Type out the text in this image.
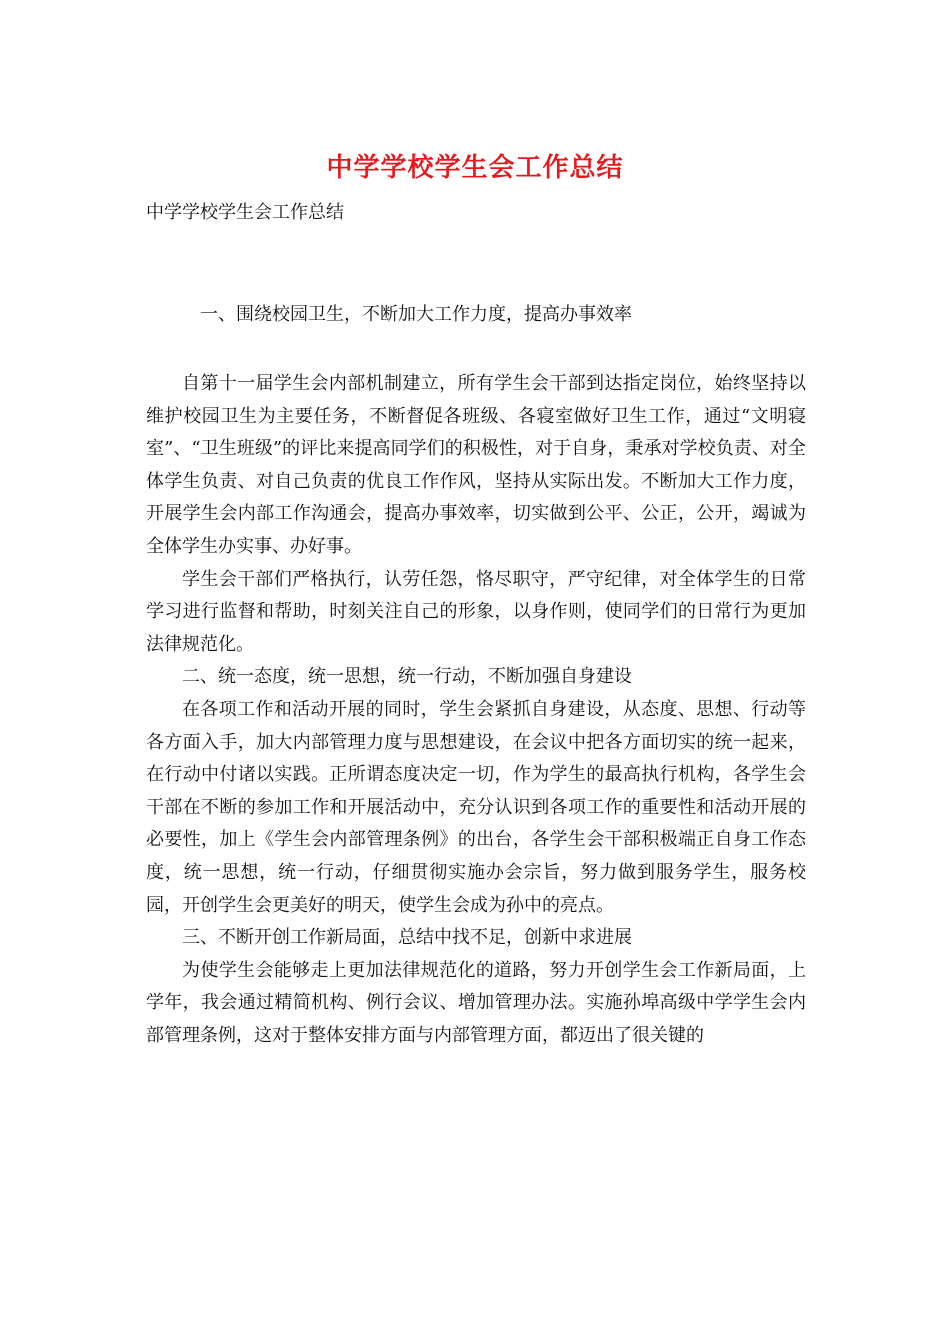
中学学校学生会工作总结
中学学校学生会工作总结
一、围绕校园卫生，不断加大工作力度，提高办事效率

自第十一届学生会内部机制建立，所有学生会干部到达指定岗位，始终坚持以维护校园卫生为主要任务，不断督促各班级、各寝室做好卫生工作，通过“文明寝室”、“卫生班级”的评比来提高同学们的积极性，对于自身，秉承对学校负责、对全体学生负责、对自己负责的优良工作作风，坚持从实际出发。不断加大工作力度，开展学生会内部工作沟通会，提高办事效率，切实做到公平、公正，公开，竭诚为全体学生办实事、办好事。

学生会干部们严格执行，认劳任怨，恪尽职守，严守纪律，对全体学生的日常学习进行监督和帮助，时刻关注自己的形象，以身作则，使同学们的日常行为更加法律规范化。

二、统一态度，统一思想，统一行动，不断加强自身建设

在各项工作和活动开展的同时，学生会紧抓自身建设，从态度、思想、行动等各方面入手，加大内部管理力度与思想建设，在会议中把各方面切实的统一起来，在行动中付诸以实践。正所谓态度决定一切，作为学生的最高执行机构，各学生会干部在不断的参加工作和开展活动中，充分认识到各项工作的重要性和活动开展的必要性，加上《学生会内部管理条例》的出台，各学生会干部积极端正自身工作态度，统一思想，统一行动，仔细贯彻实施办会宗旨，努力做到服务学生，服务校园，开创学生会更美好的明天，使学生会成为孙中的亮点。

三、不断开创工作新局面，总结中找不足，创新中求进展

为使学生会能够走上更加法律规范化的道路，努力开创学生会工作新局面，上学年，我会通过精简机构、例行会议、增加管理办法。实施孙埠高级中学学生会内部管理条例，这对于整体安排方面与内部管理方面，都迈出了很关键的
